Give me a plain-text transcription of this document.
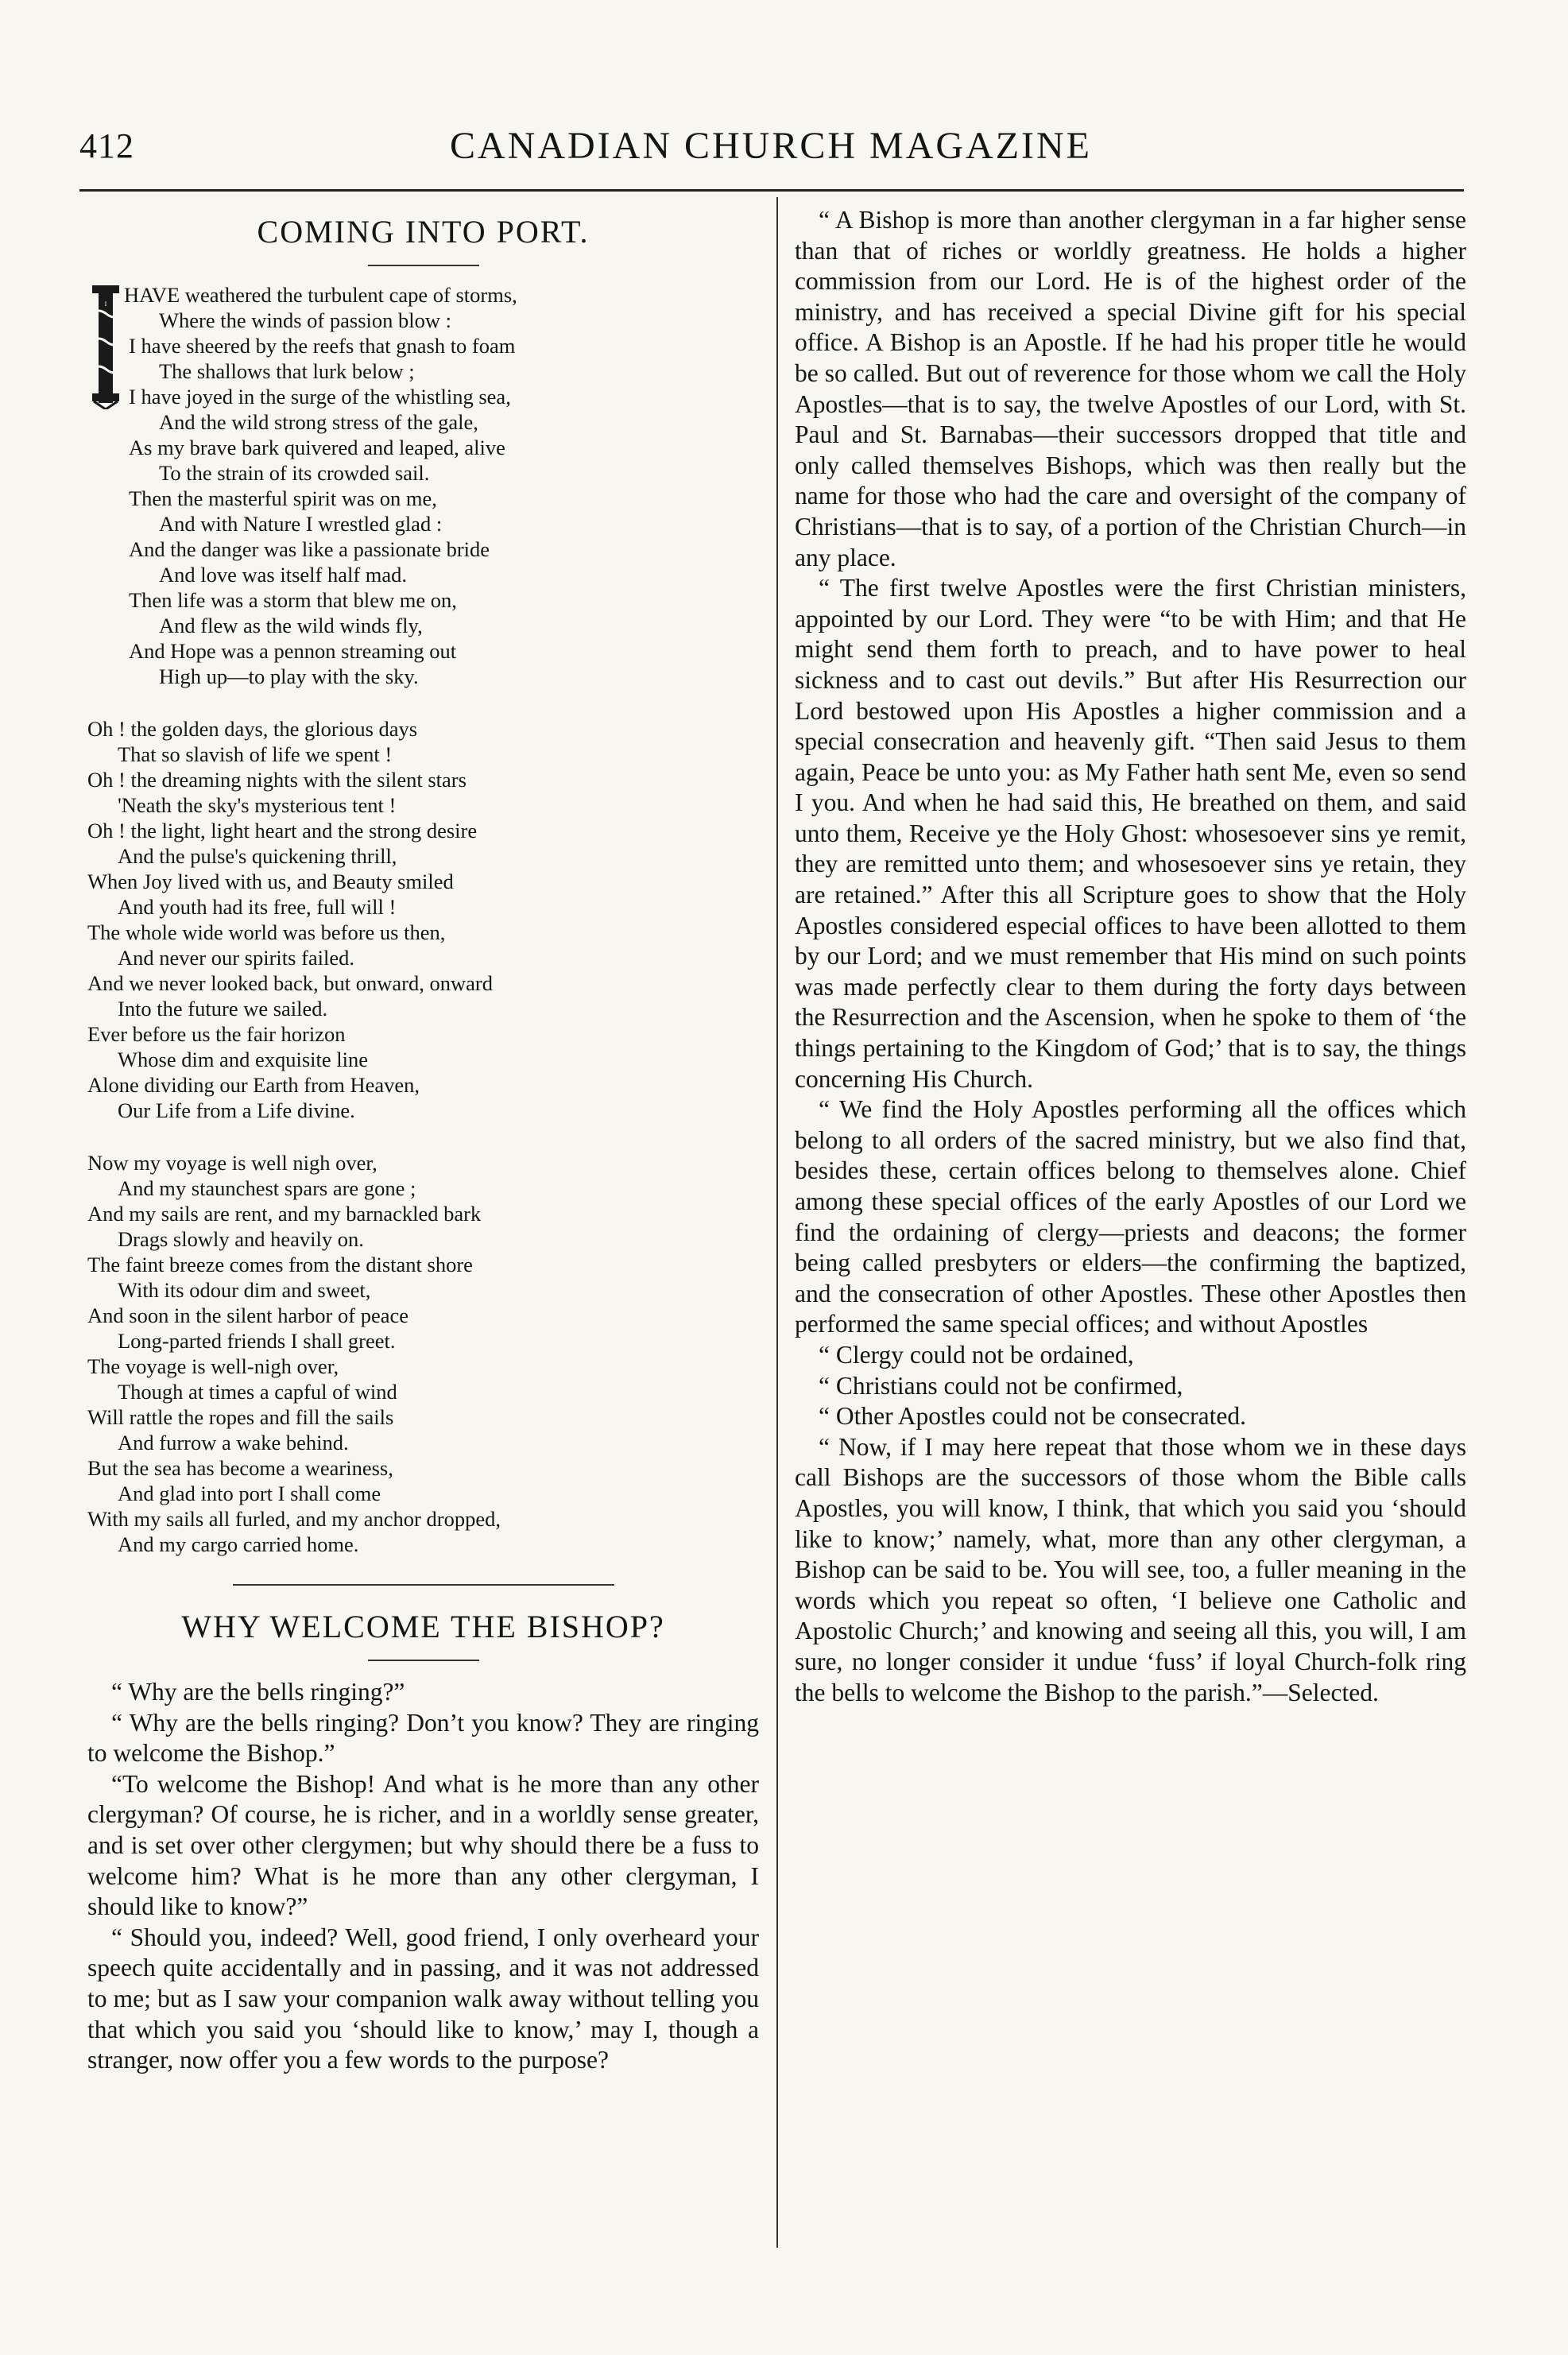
412	CANADIAN CHURCH MAGAZINE
COMING INTO PORT.
I HAVE weathered the turbulent cape of storms,
Where the winds of passion blow :
I have sheered by the reefs that gnash to foam
The shallows that lurk below ;
I have joyed in the surge of the whistling sea,
And the wild strong stress of the gale,
As my brave bark quivered and leaped, alive
To the strain of its crowded sail.
Then the masterful spirit was on me,
And with Nature I wrestled glad :
And the danger was like a passionate bride
And love was itself half mad.
Then life was a storm that blew me on,
And flew as the wild winds fly,
And Hope was a pennon streaming out
High up—to play with the sky.
Oh ! the golden days, the glorious days
That so slavish of life we spent !
Oh ! the dreaming nights with the silent stars
'Neath the sky's mysterious tent !
Oh ! the light, light heart and the strong desire
And the pulse's quickening thrill,
When Joy lived with us, and Beauty smiled
And youth had its free, full will !
The whole wide world was before us then,
And never our spirits failed.
And we never looked back, but onward, onward
Into the future we sailed.
Ever before us the fair horizon
Whose dim and exquisite line
Alone dividing our Earth from Heaven,
Our Life from a Life divine.
Now my voyage is well nigh over,
And my staunchest spars are gone ;
And my sails are rent, and my barnackled bark
Drags slowly and heavily on.
The faint breeze comes from the distant shore
With its odour dim and sweet,
And soon in the silent harbor of peace
Long-parted friends I shall greet.
The voyage is well-nigh over,
Though at times a capful of wind
Will rattle the ropes and fill the sails
And furrow a wake behind.
But the sea has become a weariness,
And glad into port I shall come
With my sails all furled, and my anchor dropped,
And my cargo carried home.
WHY WELCOME THE BISHOP?

“ Why are the bells ringing?”

“ Why are the bells ringing? Don’t you know? They are ringing to welcome the Bishop.”

“To welcome the Bishop! And what is he more than any other clergyman? Of course, he is richer, and in a worldly sense greater, and is set over other clergymen; but why should there be a fuss to welcome him? What is he more than any other clergyman, I should like to know?”

“ Should you, indeed? Well, good friend, I only overheard your speech quite accidentally and in passing, and it was not addressed to me; but as I saw your companion walk away without telling you that which you said you ‘should like to know,’ may I, though a stranger, now offer you a few words to the purpose?

“ A Bishop is more than another clergyman in a far higher sense than that of riches or worldly greatness. He holds a higher commission from our Lord. He is of the highest order of the ministry, and has received a special Divine gift for his special office. A Bishop is an Apostle. If he had his proper title he would be so called. But out of reverence for those whom we call the Holy Apostles—that is to say, the twelve Apostles of our Lord, with St. Paul and St. Barnabas—their successors dropped that title and only called themselves Bishops, which was then really but the name for those who had the care and oversight of the company of Christians—that is to say, of a portion of the Christian Church—in any place.

“ The first twelve Apostles were the first Christian ministers, appointed by our Lord. They were “to be with Him; and that He might send them forth to preach, and to have power to heal sickness and to cast out devils.” But after His Resurrection our Lord bestowed upon His Apostles a higher commission and a special consecration and heavenly gift. “Then said Jesus to them again, Peace be unto you: as My Father hath sent Me, even so send I you. And when he had said this, He breathed on them, and said unto them, Receive ye the Holy Ghost: whosesoever sins ye remit, they are remitted unto them; and whosesoever sins ye retain, they are retained.” After this all Scripture goes to show that the Holy Apostles considered especial offices to have been allotted to them by our Lord; and we must remember that His mind on such points was made perfectly clear to them during the forty days between the Resurrection and the Ascension, when he spoke to them of ‘the things pertaining to the Kingdom of God;’ that is to say, the things concerning His Church.

“ We find the Holy Apostles performing all the offices which belong to all orders of the sacred ministry, but we also find that, besides these, certain offices belong to themselves alone. Chief among these special offices of the early Apostles of our Lord we find the ordaining of clergy—priests and deacons; the former being called presbyters or elders—the confirming the baptized, and the consecration of other Apostles. These other Apostles then performed the same special offices; and without Apostles

“ Clergy could not be ordained,

“ Christians could not be confirmed,

“ Other Apostles could not be consecrated.

“ Now, if I may here repeat that those whom we in these days call Bishops are the successors of those whom the Bible calls Apostles, you will know, I think, that which you said you ‘should like to know;’ namely, what, more than any other clergyman, a Bishop can be said to be. You will see, too, a fuller meaning in the words which you repeat so often, ‘I believe one Catholic and Apostolic Church;’ and knowing and seeing all this, you will, I am sure, no longer consider it undue ‘fuss’ if loyal Church-folk ring the bells to welcome the Bishop to the parish.”—Selected.
